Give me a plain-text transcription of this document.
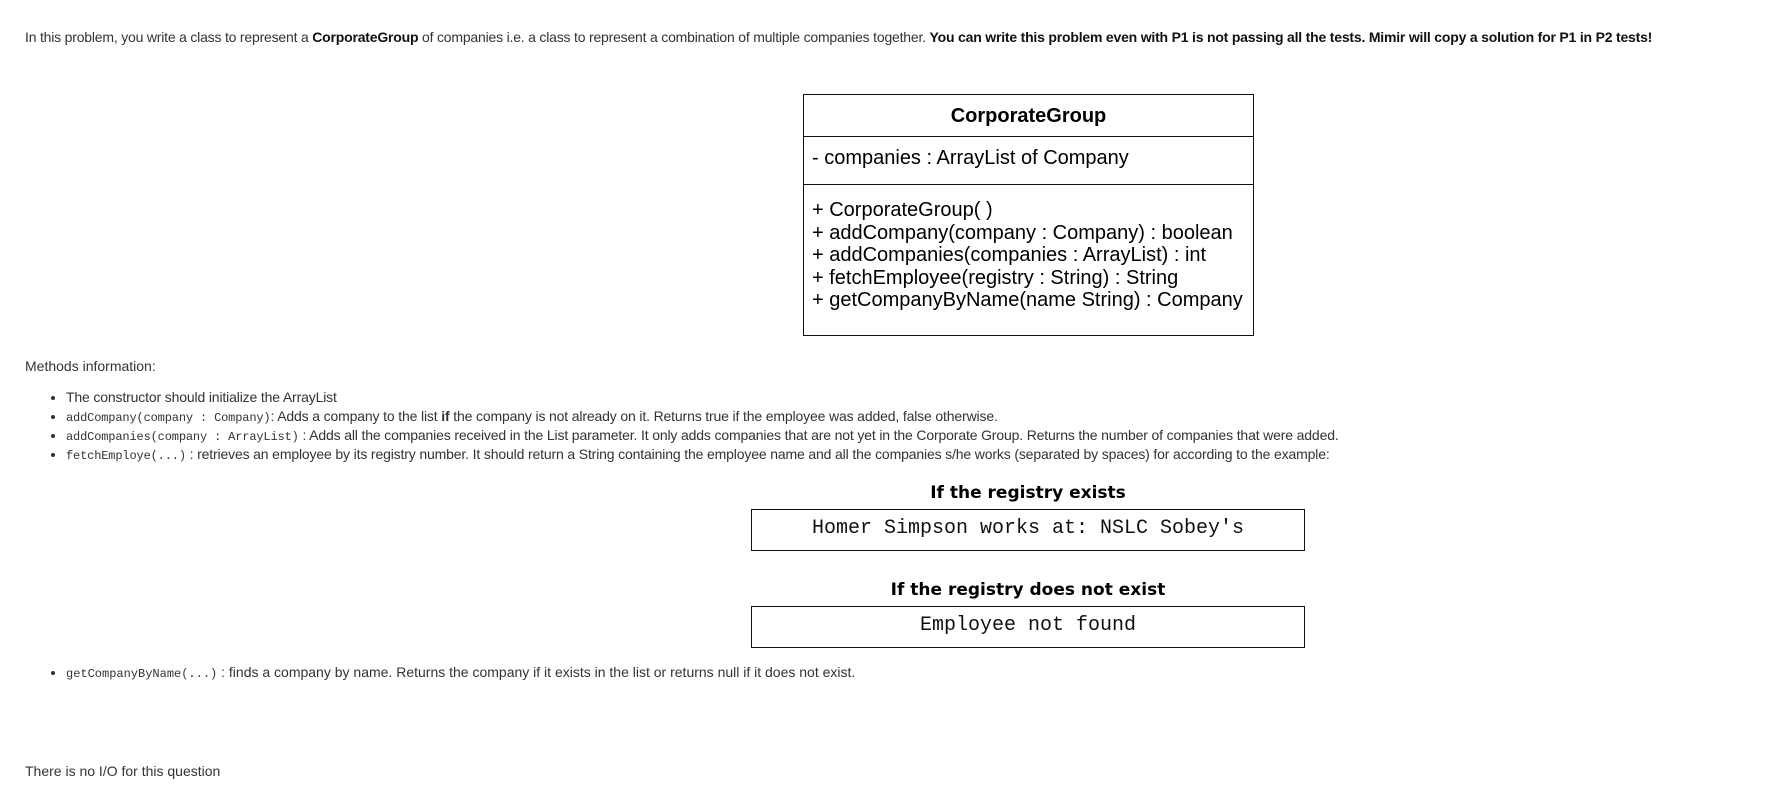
In this problem, you write a class to represent a CorporateGroup of companies i.e. a class to represent a combination of multiple companies together. You can write this problem even with P1 is not passing all the tests. Mimir will copy a solution for P1 in P2 tests!
CorporateGroup
- companies : ArrayList of Company
+ CorporateGroup( )
+ addCompany(company : Company) : boolean
+ addCompanies(companies : ArrayList) : int
+ fetchEmployee(registry : String) : String
+ getCompanyByName(name String) : Company
Methods information:
• The constructor should initialize the ArrayList
• addCompany(company : Company): Adds a company to the list if the company is not already on it. Returns true if the employee was added, false otherwise.
• addCompanies(company : ArrayList) : Adds all the companies received in the List parameter. It only adds companies that are not yet in the Corporate Group. Returns the number of companies that were added.
• fetchEmploye(...) : retrieves an employee by its registry number. It should return a String containing the employee name and all the companies s/he works (separated by spaces) for according to the example:
If the registry exists
Homer Simpson works at: NSLC Sobey's
If the registry does not exist
Employee not found
• getCompanyByName(...) : finds a company by name. Returns the company if it exists in the list or returns null if it does not exist.
There is no I/O for this question
